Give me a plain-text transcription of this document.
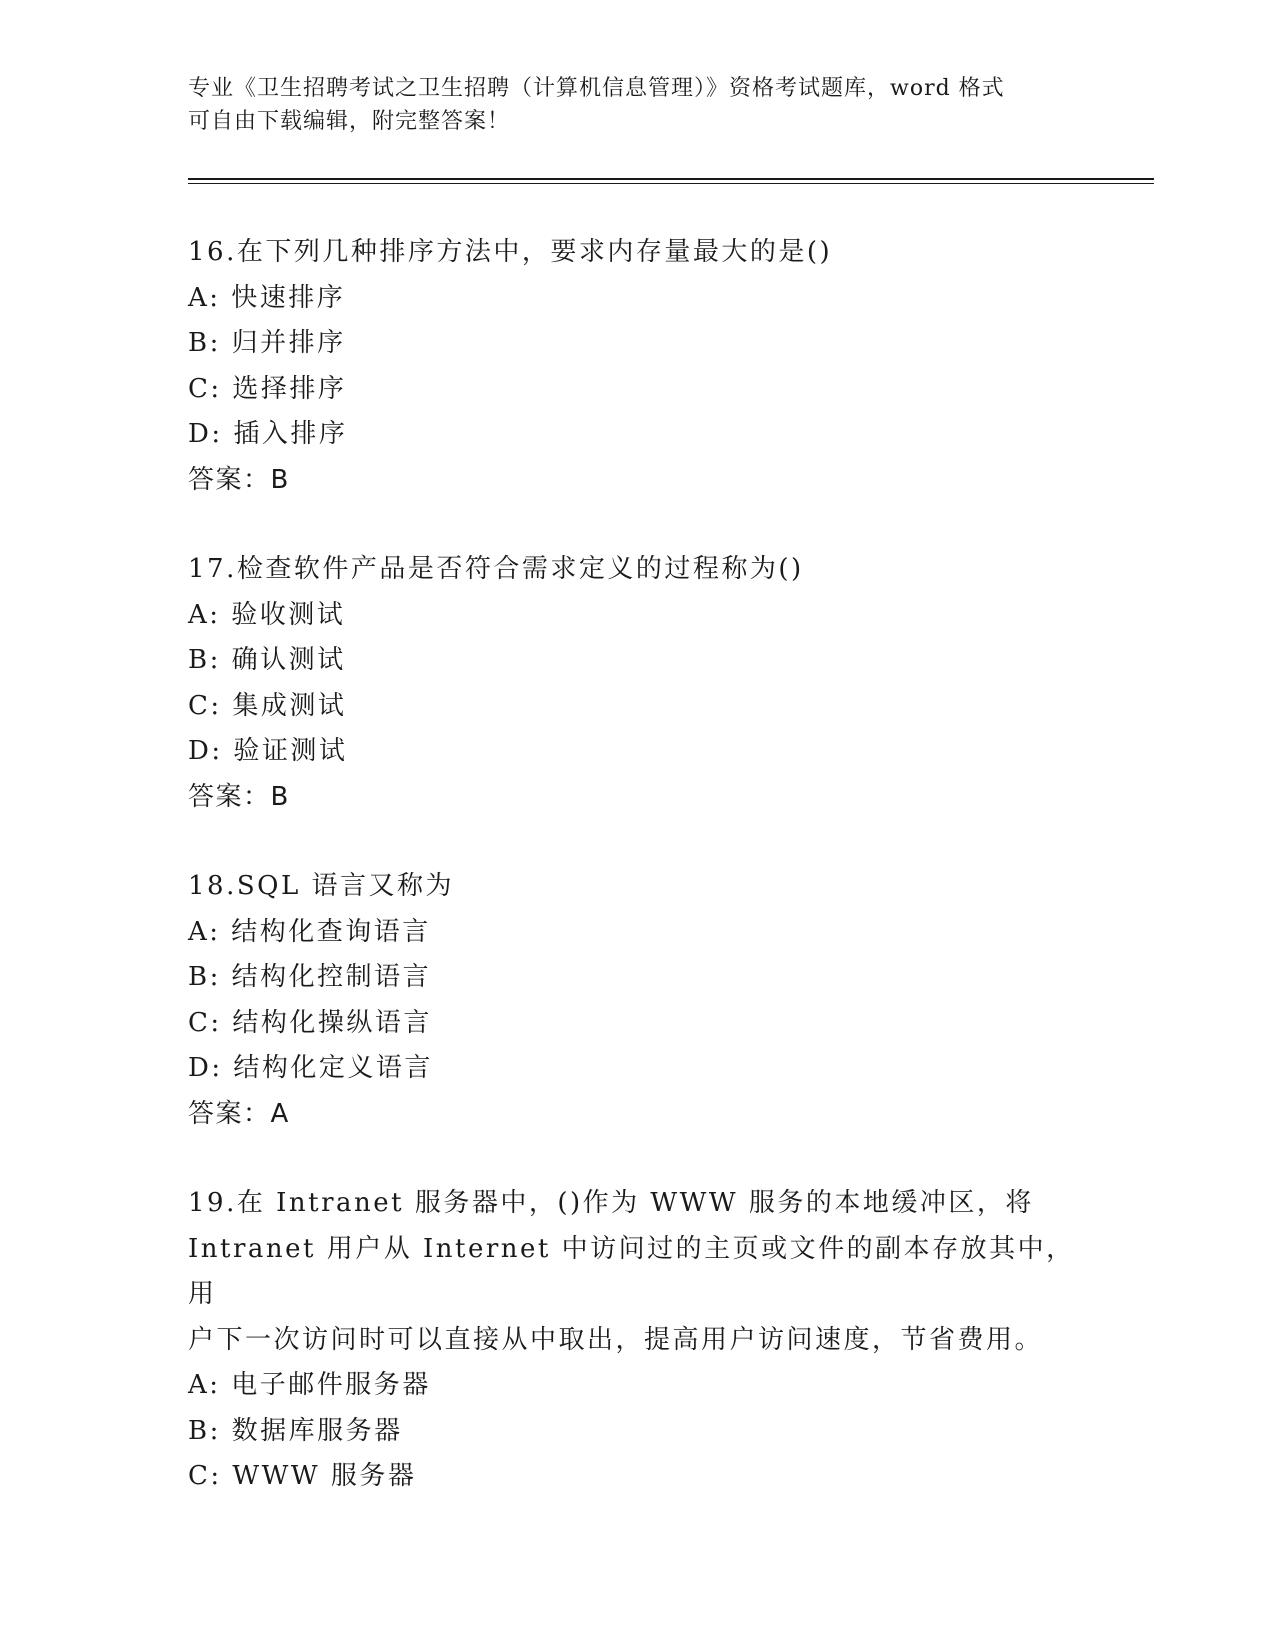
专业《卫生招聘考试之卫生招聘（计算机信息管理）》资格考试题库，word 格式
可自由下载编辑，附完整答案！

16.在下列几种排序方法中，要求内存量最大的是()

A: 快速排序

B: 归并排序

C: 选择排序

D: 插入排序

答案：B

17.检查软件产品是否符合需求定义的过程称为()

A: 验收测试

B: 确认测试

C: 集成测试

D: 验证测试

答案：B

18.SQL 语言又称为

A: 结构化查询语言

B: 结构化控制语言

C: 结构化操纵语言

D: 结构化定义语言

答案：A

19.在 Intranet 服务器中，()作为 WWW 服务的本地缓冲区，将

Intranet 用户从 Internet 中访问过的主页或文件的副本存放其中，用

户下一次访问时可以直接从中取出，提高用户访问速度，节省费用。

A: 电子邮件服务器

B: 数据库服务器

C: WWW 服务器
